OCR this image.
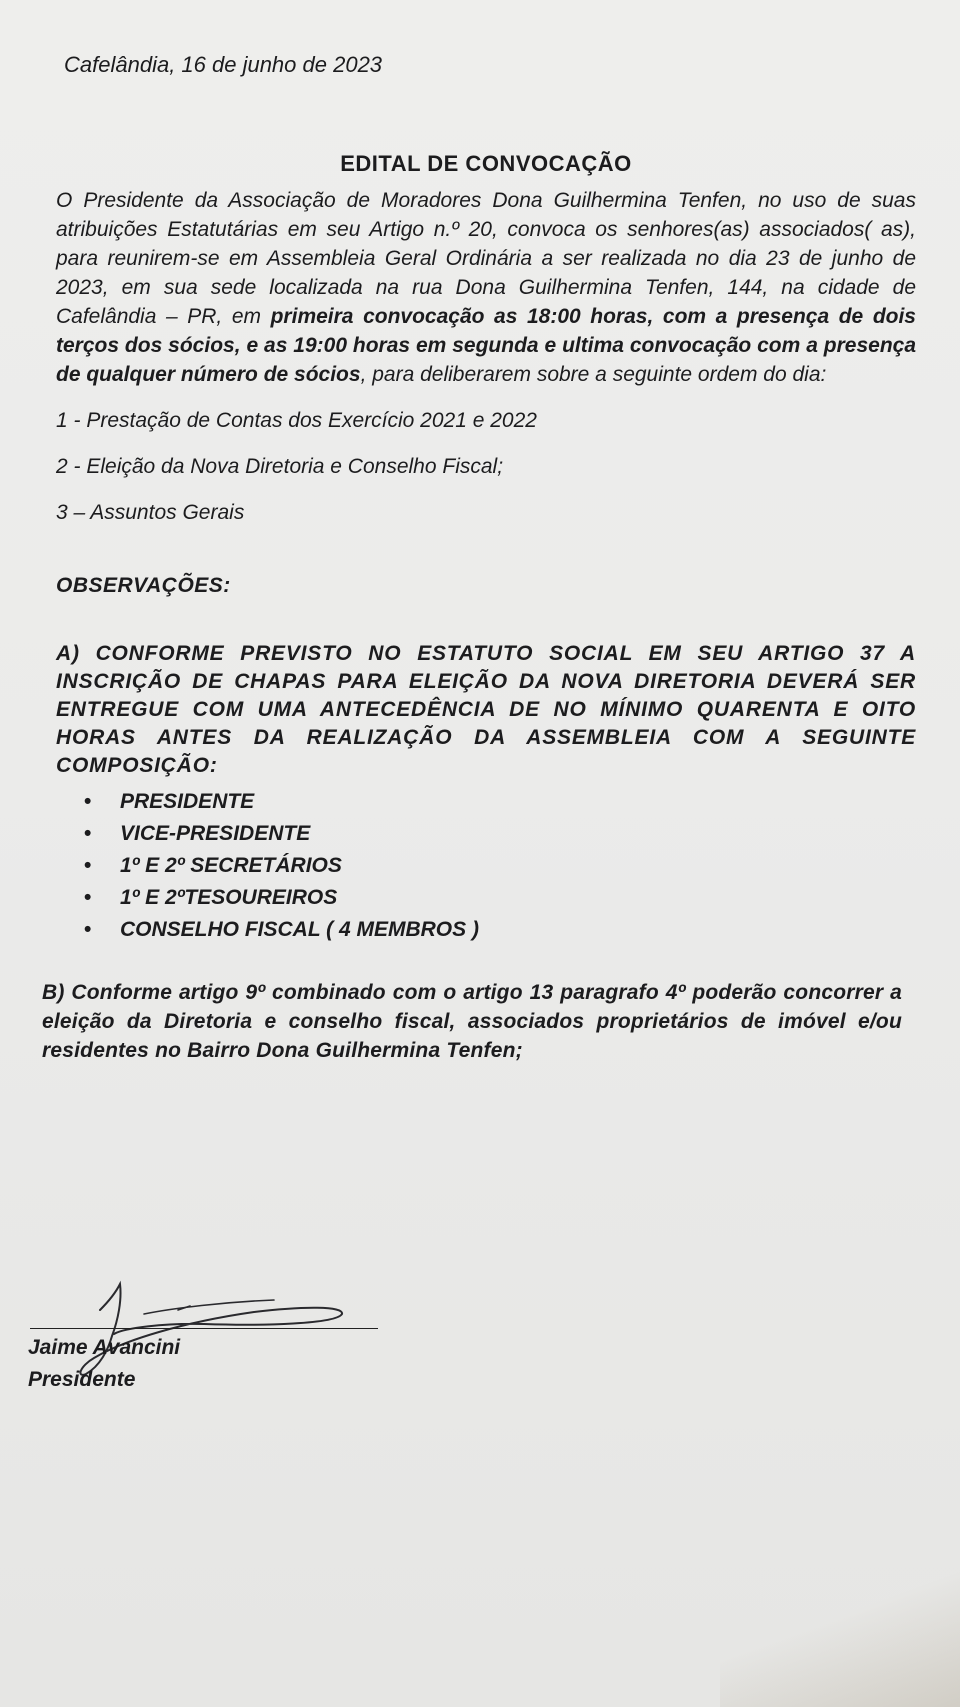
Cafelândia, 16 de junho de 2023
EDITAL DE CONVOCAÇÃO

O Presidente da Associação de Moradores Dona Guilhermina Tenfen, no uso de suas atribuições Estatutárias em seu Artigo n.º 20, convoca os senhores(as) associados( as), para reunirem-se em Assembleia Geral Ordinária a ser realizada no dia 23 de junho de 2023, em sua sede localizada na rua Dona Guilhermina Tenfen, 144, na cidade de Cafelândia – PR, em primeira convocação as 18:00 horas, com a presença de dois terços dos sócios, e as 19:00 horas em segunda e ultima convocação com a presença de qualquer número de sócios, para deliberarem sobre a seguinte ordem do dia:

1 - Prestação de Contas dos Exercício 2021 e 2022

2 - Eleição da Nova Diretoria e Conselho Fiscal;

3 – Assuntos Gerais

OBSERVAÇÕES:
A) CONFORME PREVISTO NO ESTATUTO SOCIAL EM SEU ARTIGO 37 A INSCRIÇÃO DE CHAPAS PARA ELEIÇÃO DA NOVA DIRETORIA DEVERÁ SER ENTREGUE COM UMA ANTECEDÊNCIA DE NO MÍNIMO QUARENTA E OITO HORAS ANTES DA REALIZAÇÃO DA ASSEMBLEIA COM A SEGUINTE COMPOSIÇÃO:
• PRESIDENTE
• VICE-PRESIDENTE
• 1º E 2º SECRETÁRIOS
• 1º E 2ºTESOUREIROS
• CONSELHO FISCAL ( 4 MEMBROS )
B) Conforme artigo 9º combinado com o artigo 13 paragrafo 4º poderão concorrer a eleição da Diretoria e conselho fiscal, associados proprietários de imóvel e/ou residentes no Bairro Dona Guilhermina Tenfen;
Jaime Avancini
Presidente
